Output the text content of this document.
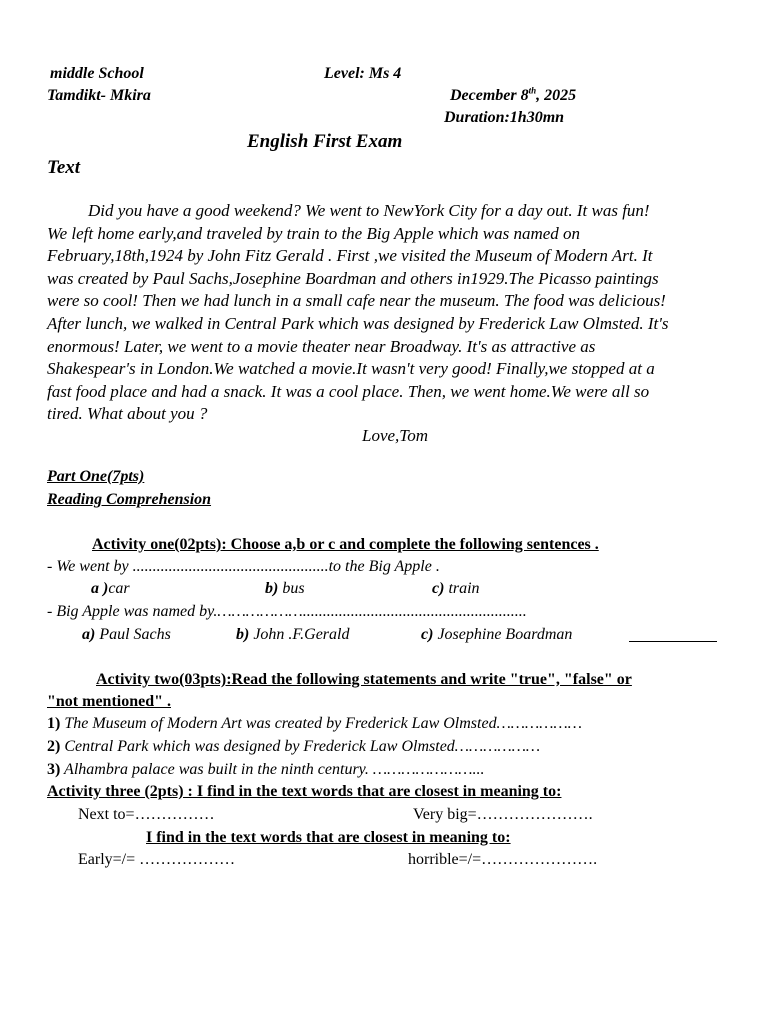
middle School	Level: Ms 4
Tamdikt- Mkira	December 8th, 2025
Duration:1h30mn
English First Exam
Text
Did you have a good weekend? We went to NewYork City for a day out. It was fun!
We left home early,and traveled by train to the Big Apple which was named on
February,18th,1924 by John Fitz Gerald . First ,we visited the Museum of Modern Art. It
was created by Paul Sachs,Josephine Boardman and others in1929.The Picasso paintings
were so cool! Then we had lunch in a small cafe near the museum. The food was delicious!
After lunch, we walked in Central Park which was designed by Frederick Law Olmsted. It's
enormous! Later, we went to a movie theater near Broadway. It's as attractive as
Shakespear's in London.We watched a movie.It wasn't very good! Finally,we stopped at a
fast food place and had a snack. It was a cool place. Then, we went home.We were all so
tired. What about you ?
Love,Tom
Part One(7pts)
Reading Comprehension
Activity one(02pts): Choose a,b or c and complete the following sentences .
- We went by .................................................to the Big Apple .
a )car	b) bus	c) train
- Big Apple was named by.………………........................................................
a) Paul Sachs	b) John .F.Gerald	c) Josephine Boardman
Activity two(03pts):Read the following statements and write "true", "false" or
"not mentioned" .
1) The Museum of Modern Art was created by Frederick Law Olmsted………………
2) Central Park which was designed by Frederick Law Olmsted………………
3) Alhambra palace was built in the ninth century. …………………...
Activity three (2pts) : I find in the text words that are closest in meaning to:
Next to=……………	Very big=………………….
I find in the text words that are closest in meaning to:
Early=/= ………………	horrible=/=………………….
